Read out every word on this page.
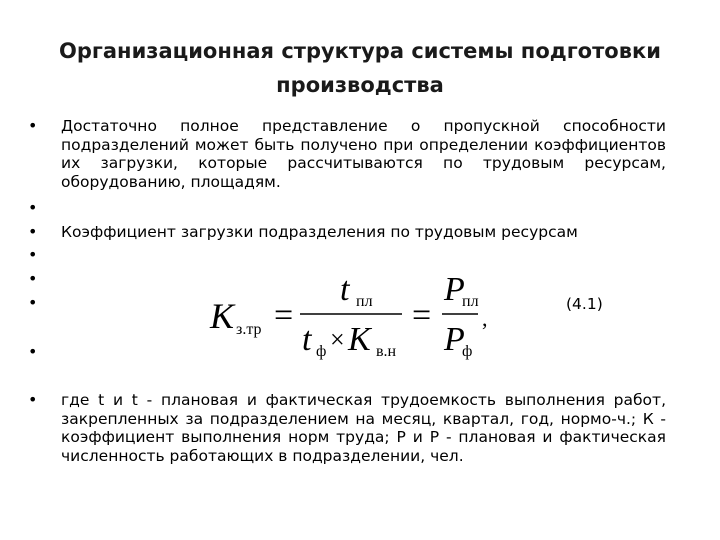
Организационная структура системы подготовки производства
•
•
•
•
•
•
•
•
Достаточно полное представление о пропускной способности подразделений может быть получено при определении коэффициентов их загрузки, которые рассчитываются по трудовым ресурсам, оборудованию, площадям.
Коэффициент загрузки подразделения по трудовым ресурсам
где t и t - плановая и фактическая трудоемкость выполнения работ, закрепленных за подразделением на месяц, квартал, год, нормо-ч.; К - коэффициент выполнения норм труда; Р и Р - плановая и фактическая численность работающих в подразделении, чел.
K з.тр =
t пл
t ф × K в.н
=
P
пл
P
ф
,
(4.1)
